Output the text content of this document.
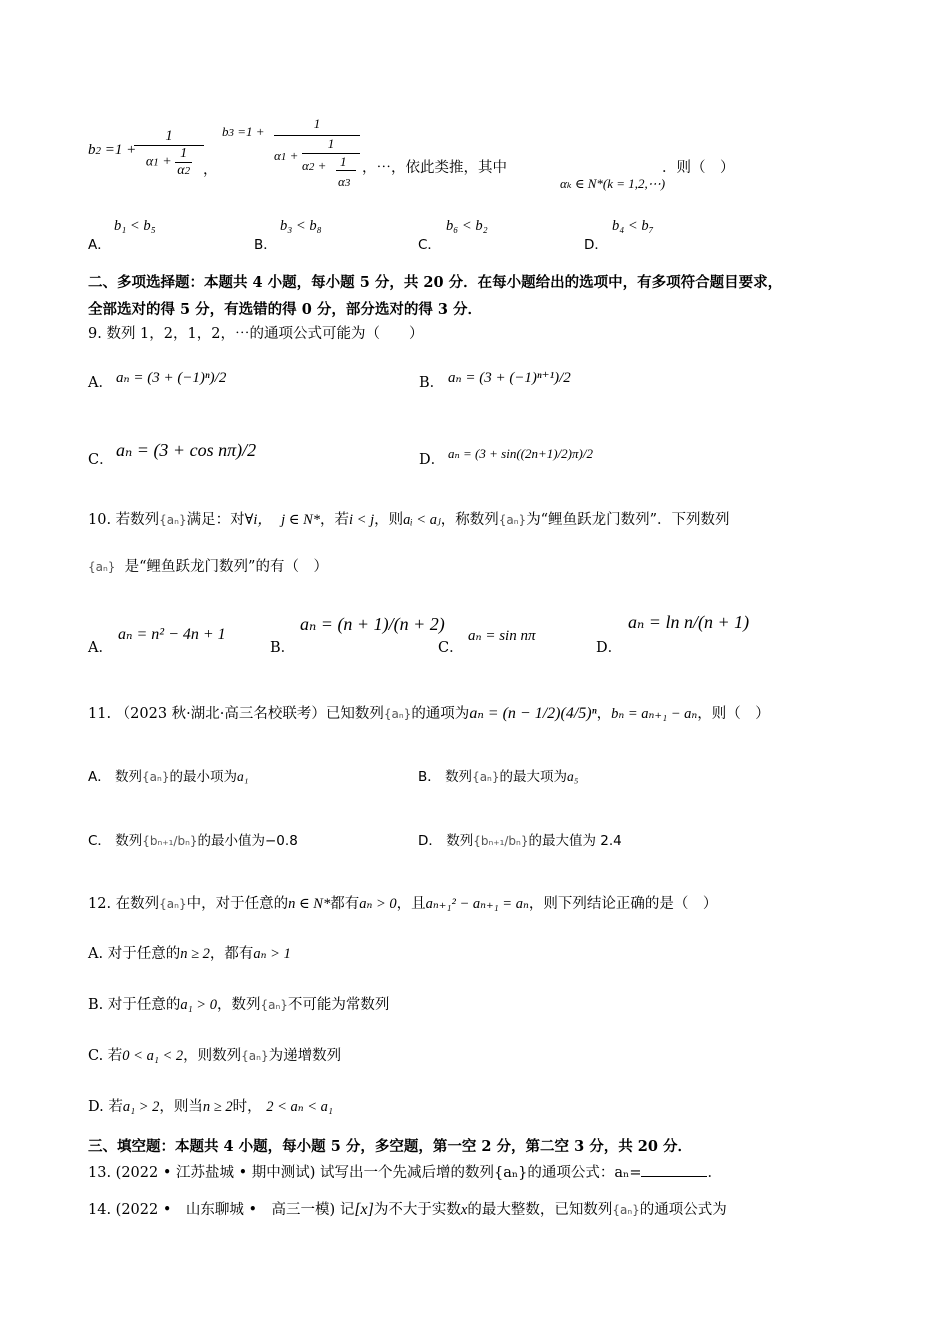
b2 =1 +
$\frac{1}{\alpha 1 + \frac{1}{\alpha 2}}$ ，
b3 =1 +
1
α1 +
1
α2 + 1
α3
，⋯，依此类推，其中
αₖ ∈ N*(k = 1,2,⋯)
．则（　）
A．
b₁ < b₅
B．
b₃ < b₈
C．
b₆ < b₂
D．
b₄ < b₇
二、多项选择题：本题共 4 小题，每小题 5 分，共 20 分．在每小题给出的选项中，有多项符合题目要求，
全部选对的得 5 分，有选错的得 0 分，部分选对的得 3 分．
9. 数列 1，2，1，2，⋯的通项公式可能为（　　）
A． aₙ = (3 + (−1)ⁿ)/2	B． aₙ = (3 + (−1)ⁿ⁺¹)/2
C． aₙ = (3 + cos nπ)/2	D． aₙ = (3 + sin((2n+1)/2)π)/2
10. 若数列{aₙ}满足：对∀i， j ∈ N*，若i < j，则aᵢ < aⱼ，称数列{aₙ}为“鲤鱼跃龙门数列”．下列数列
{aₙ} 是“鲤鱼跃龙门数列”的有（　）
A．
aₙ = n² − 4n + 1
B．
aₙ = (n + 1)/(n + 2)
C．
aₙ = sin nπ
D．
aₙ = ln n/(n + 1)
11. （2023 秋·湖北·高三名校联考）已知数列{aₙ}的通项为aₙ = (n − 1/2)(4/5)ⁿ，bₙ = aₙ₊₁ − aₙ，则（　）
A． 数列{aₙ}的最小项为a₁	B． 数列{aₙ}的最大项为a₅
C． 数列{bₙ₊₁/bₙ}的最小值为−0.8	D． 数列{bₙ₊₁/bₙ}的最大值为 2.4
12. 在数列{aₙ}中，对于任意的n ∈ N*都有aₙ > 0，且aₙ₊₁² − aₙ₊₁ = aₙ，则下列结论正确的是（　）
A. 对于任意的n ≥ 2，都有aₙ > 1
B. 对于任意的a₁ > 0，数列{aₙ}不可能为常数列
C. 若0 < a₁ < 2，则数列{aₙ}为递增数列
D. 若a₁ > 2，则当n ≥ 2时， 2 < aₙ < a₁
三、填空题：本题共 4 小题，每小题 5 分，多空题，第一空 2 分，第二空 3 分，共 20 分．
13. (2022 • 江苏盐城 • 期中测试) 试写出一个先减后增的数列{aₙ}的通项公式：aₙ=	．
14. (2022 •　山东聊城 •　高三一模) 记[x]为不大于实数x的最大整数，已知数列{aₙ}的通项公式为
